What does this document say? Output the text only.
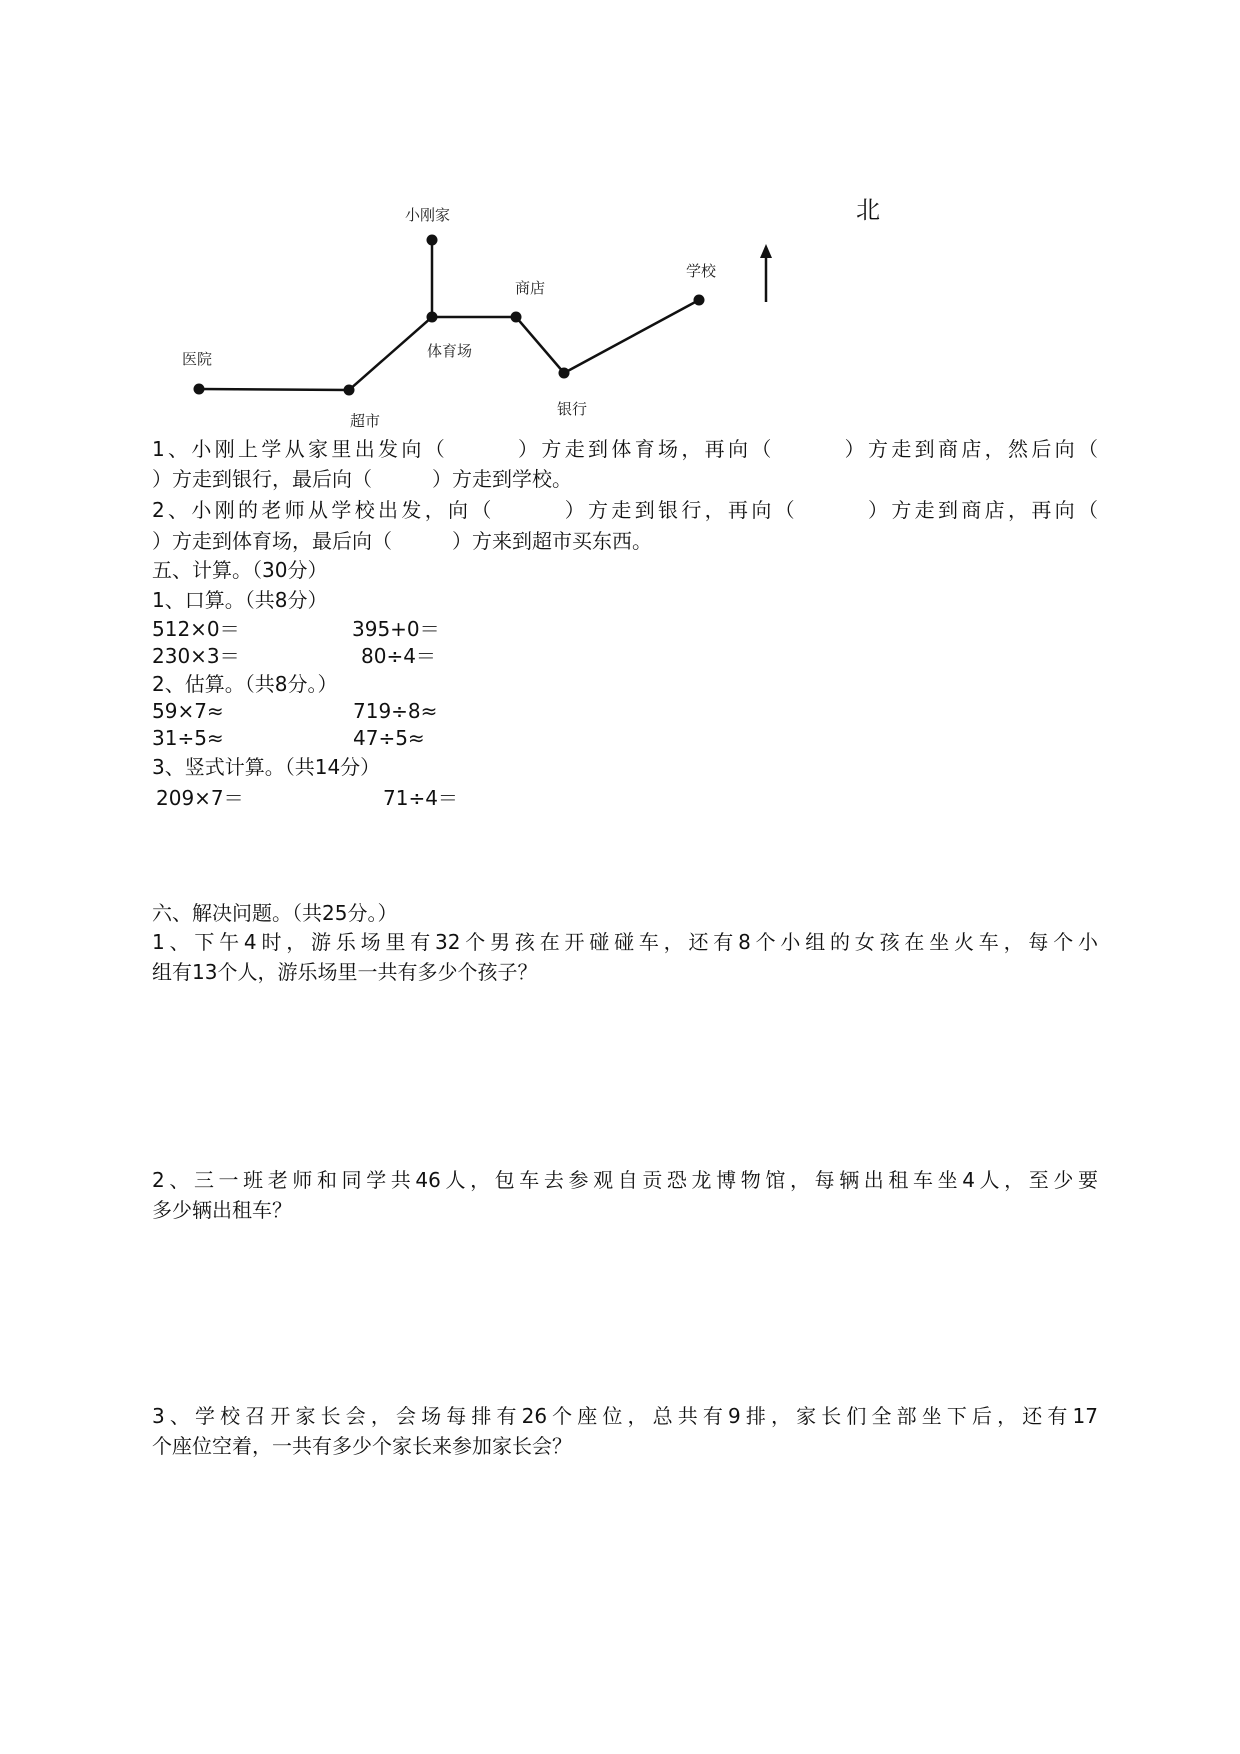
北
小刚家
商店
学校
医院	体育场
超市
银行
1、小刚上学从家里出发向（　　　）方走到体育场，再向（　　　）方走到商店，然后向（
）方走到银行，最后向（　　　）方走到学校。
2、小刚的老师从学校出发，向（　　　）方走到银行，再向（　　　）方走到商店，再向（
）方走到体育场，最后向（　　　）方来到超市买东西。
五、计算。（30分）
1、口算。（共8分）
512×0＝	395+0＝
230×3＝	80÷4＝
2、估算。（共8分。）
59×7≈	719÷8≈
31÷5≈	47÷5≈
3、竖式计算。（共14分）
209×7＝	71÷4＝
六、解决问题。（共25分。）
1、下午4时，游乐场里有32个男孩在开碰碰车，还有8个小组的女孩在坐火车，每个小
组有13个人，游乐场里一共有多少个孩子？
2、三一班老师和同学共46人，包车去参观自贡恐龙博物馆，每辆出租车坐4人，至少要
多少辆出租车？
3、学校召开家长会，会场每排有26个座位，总共有9排，家长们全部坐下后，还有17
个座位空着，一共有多少个家长来参加家长会？
